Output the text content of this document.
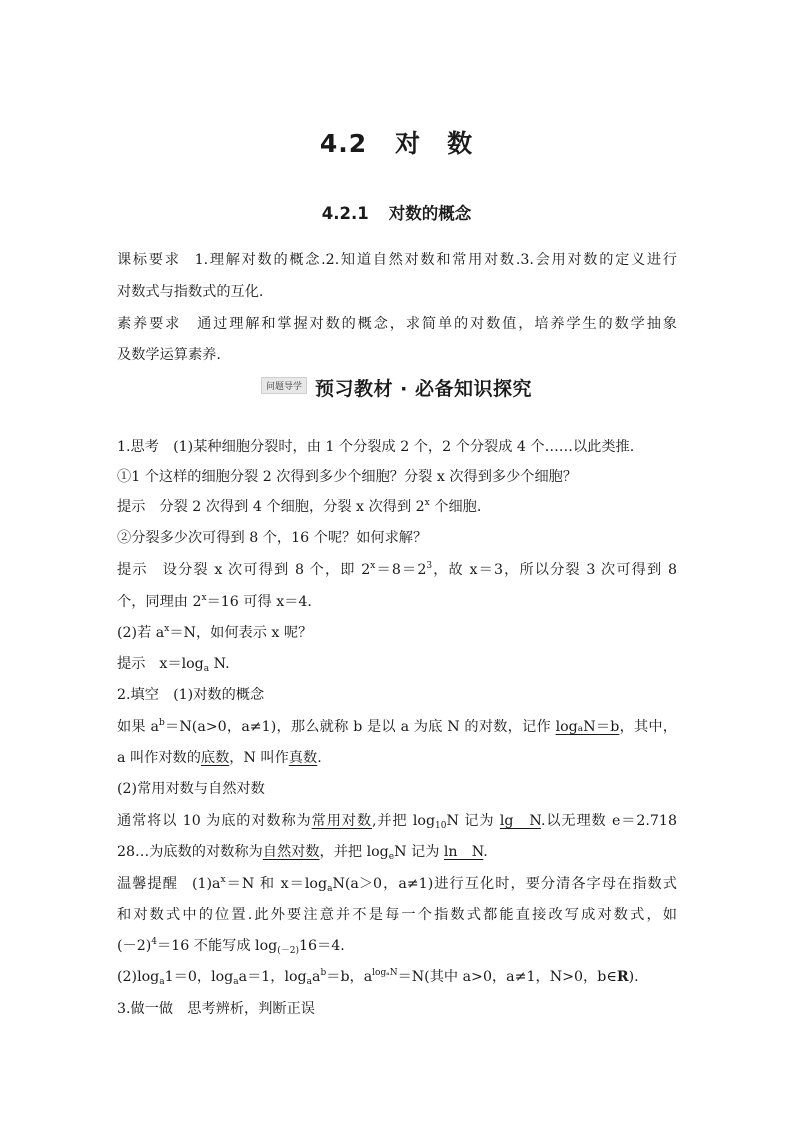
4.2 对　数
4.2.1 对数的概念
课标要求 1.理解对数的概念.2.知道自然对数和常用对数.3.会用对数的定义进行
对数式与指数式的互化.
素养要求 通过理解和掌握对数的概念，求简单的对数值，培养学生的数学抽象
及数学运算素养.
问题导学 预习教材 · 必备知识探究
1.思考　(1)某种细胞分裂时，由 1 个分裂成 2 个，2 个分裂成 4 个……以此类推.
①1 个这样的细胞分裂 2 次得到多少个细胞？分裂 x 次得到多少个细胞？
提示 分裂 2 次得到 4 个细胞，分裂 x 次得到 2$^x$ 个细胞.
②分裂多少次可得到 8 个，16 个呢？如何求解？
提示 设分裂 x 次可得到 8 个，即 $2^x=8=2^3$，故 x＝3，所以分裂 3 次可得到 8
个，同理由 $2^x=16$ 可得 x＝4.
(2)若 $a^x=N$，如何表示 x 呢？
提示 $x=\log_a$ N.
2.填空　(1)对数的概念
如果 $a^b=N(a>0$，a≠1)，那么就称 b 是以 a 为底 N 的对数，记作 logₐN＝b，其中，
a 叫作对数的底数，N 叫作真数.
(2)常用对数与自然对数
通常将以 10 为底的对数称为常用对数,并把 $\log_{10}N$ 记为 lg　N.以无理数 e＝2.718
28…为底数的对数称为自然对数，并把 $\log_eN$ 记为 ln　N.
温馨提醒 $(1)a^x=N$ 和 $x=\log_aN(a>0$，a≠1)进行互化时，要分清各字母在指数式
和对数式中的位置.此外要注意并不是每一个指数式都能直接改写成对数式，如
$(-2)^4=16$ 不能写成 $\log_{(-2)}16=4$.
$(2)\log_a1=0$，$\log_aa=1$，$\log_aa^b=b$，$a^{log_aN}=N$(其中 a>0，a≠1，N>0，b∈R).
3.做一做　思考辨析，判断正误
